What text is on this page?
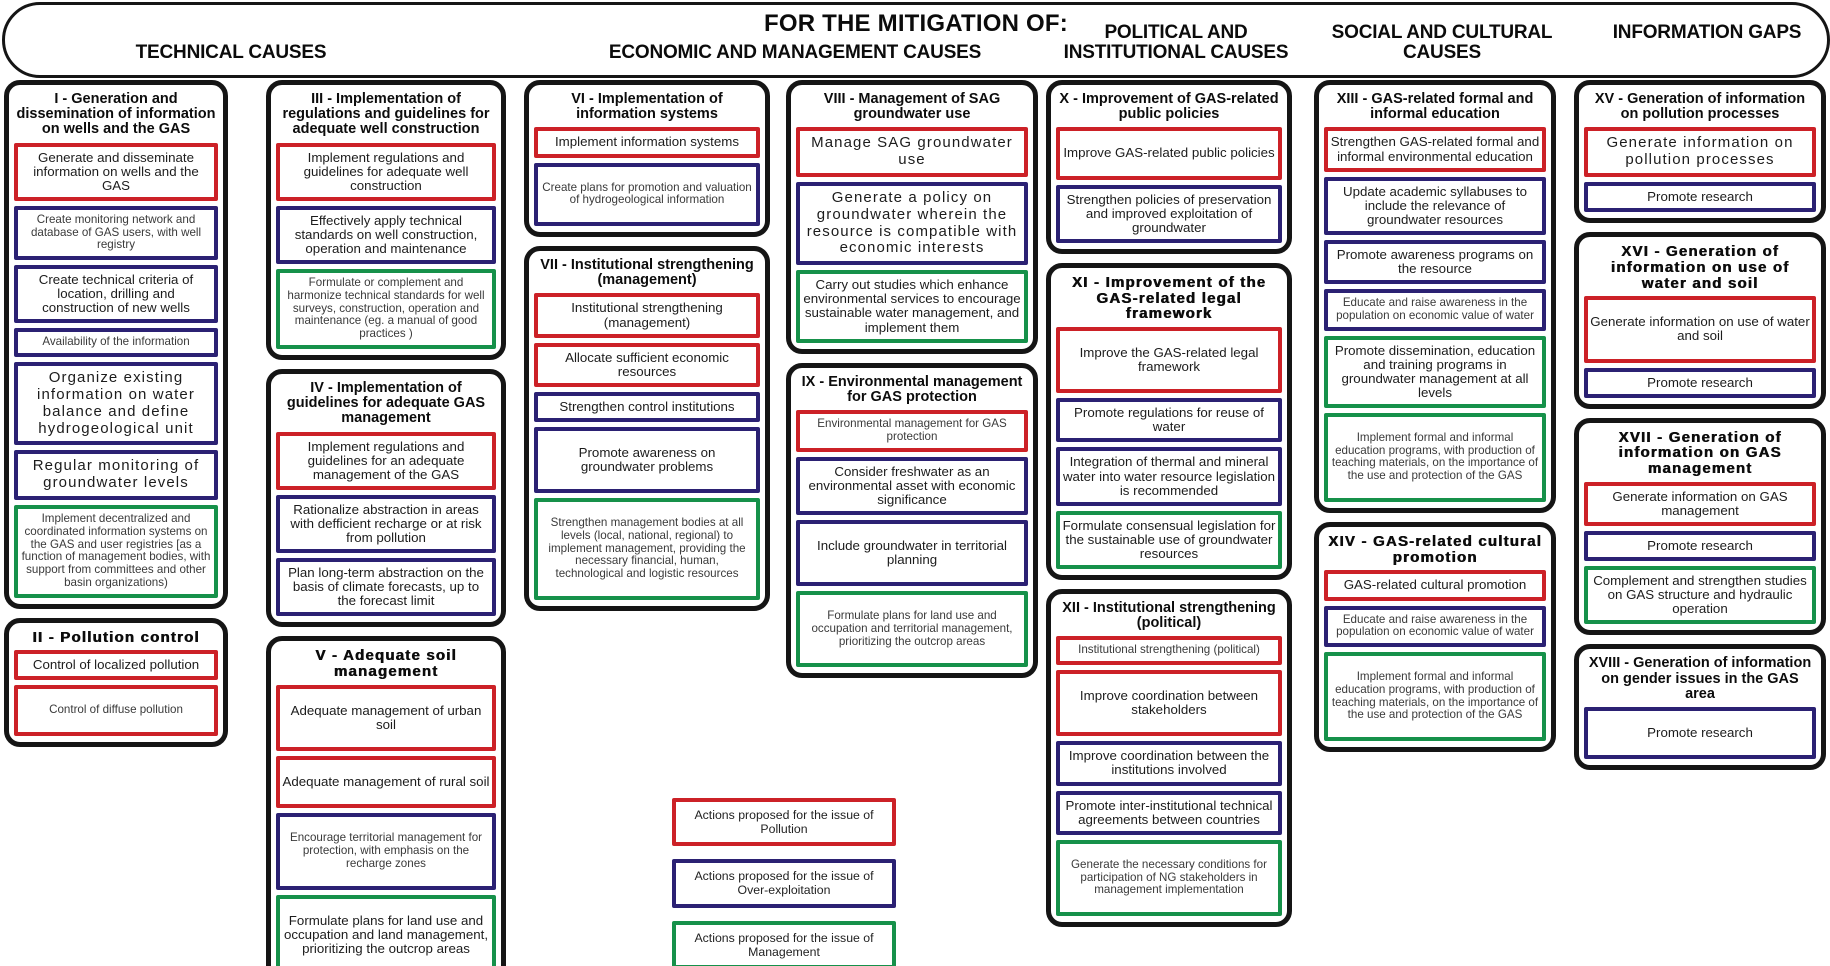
FOR THE MITIGATION OF:
TECHNICAL CAUSES	ECONOMIC AND MANAGEMENT CAUSES
POLITICAL AND INSTITUTIONAL CAUSES
SOCIAL AND CULTURAL CAUSES
INFORMATION GAPS
I - Generation and dissemination of information on wells and the GAS
Generate and disseminate information on wells and the GAS
Create monitoring network and database of GAS users, with well registry
Create technical criteria of location, drilling and construction of new wells
Availability of the information
Organize existing information on water balance and define hydrogeological unit
Regular monitoring of groundwater levels
Implement decentralized and coordinated information systems on the GAS and user registries [as a function of management bodies, with support from committees and other basin organizations)
II - Pollution control
Control of localized pollution
Control of diffuse pollution
III - Implementation of regulations and guidelines for adequate well construction
Implement regulations and guidelines for adequate well construction
Effectively apply technical standards on well construction, operation and maintenance
Formulate or complement and harmonize technical standards for well surveys, construction, operation and maintenance (eg. a manual of good practices )
IV - Implementation of guidelines for adequate GAS management
Implement regulations and guidelines for an adequate management of the GAS
Rationalize abstraction in areas with defficient recharge or at risk from pollution
Plan long-term abstraction on the basis of climate forecasts, up to the forecast limit
V - Adequate soil management
Adequate management of urban soil
Adequate management of rural soil
Encourage territorial management for protection, with emphasis on the recharge zones
Formulate plans for land use and occupation and land management, prioritizing the outcrop areas
VI - Implementation of information systems
Implement information systems
Create plans for promotion and valuation of hydrogeological information
VII - Institutional strengthening (management)
Institutional strengthening (management)
Allocate sufficient economic resources
Strengthen control institutions
Promote awareness on groundwater problems
Strengthen management bodies at all levels (local, national, regional) to implement management, providing the necessary financial, human, technological and logistic resources
VIII - Management of SAG groundwater use
Manage SAG groundwater use
Generate a policy on groundwater wherein the resource is compatible with economic interests
Carry out studies which enhance environmental services to encourage sustainable water management, and implement them
IX - Environmental management for GAS protection
Environmental management for GAS protection
Consider freshwater as an environmental asset with economic significance
Include groundwater in territorial planning
Formulate plans for land use and occupation and territorial management, prioritizing the outcrop areas
X - Improvement of GAS-related public policies
Improve GAS-related public policies
Strengthen policies of preservation and improved exploitation of groundwater
XI - Improvement of the GAS-related legal framework
Improve the GAS-related legal framework
Promote regulations for reuse of water
Integration of thermal and mineral water into water resource legislation is recommended
Formulate consensual legislation for the sustainable use of groundwater resources
XII - Institutional strengthening (political)
Institutional strengthening (political)
Improve coordination between stakeholders
Improve coordination between the institutions involved
Promote inter-institutional technical agreements between countries
Generate the necessary conditions for participation of NG stakeholders in management implementation
XIII - GAS-related formal and informal education
Strengthen GAS-related formal and informal environmental education
Update academic syllabuses to include the relevance of groundwater resources
Promote awareness programs on the resource
Educate and raise awareness in the population on economic value of water
Promote dissemination, education and training programs in groundwater management at all levels
Implement formal and informal education programs, with production of teaching materials, on the importance of the use and protection of the GAS
XIV - GAS-related cultural promotion
GAS-related cultural promotion
Educate and raise awareness in the population on economic value of water
Implement formal and informal education programs, with production of teaching materials, on the importance of the use and protection of the GAS
XV - Generation of information on pollution processes
Generate information on pollution processes
Promote research
XVI - Generation of information on use of water and soil
Generate information on use of water and soil
Promote research
XVII - Generation of information on GAS management
Generate information on GAS management
Promote research
Complement and strengthen studies on GAS structure and hydraulic operation
XVIII - Generation of information on gender issues in the GAS area
Promote research
Actions proposed for the issue of Pollution
Actions proposed for the issue of Over-exploitation
Actions proposed for the issue of Management
